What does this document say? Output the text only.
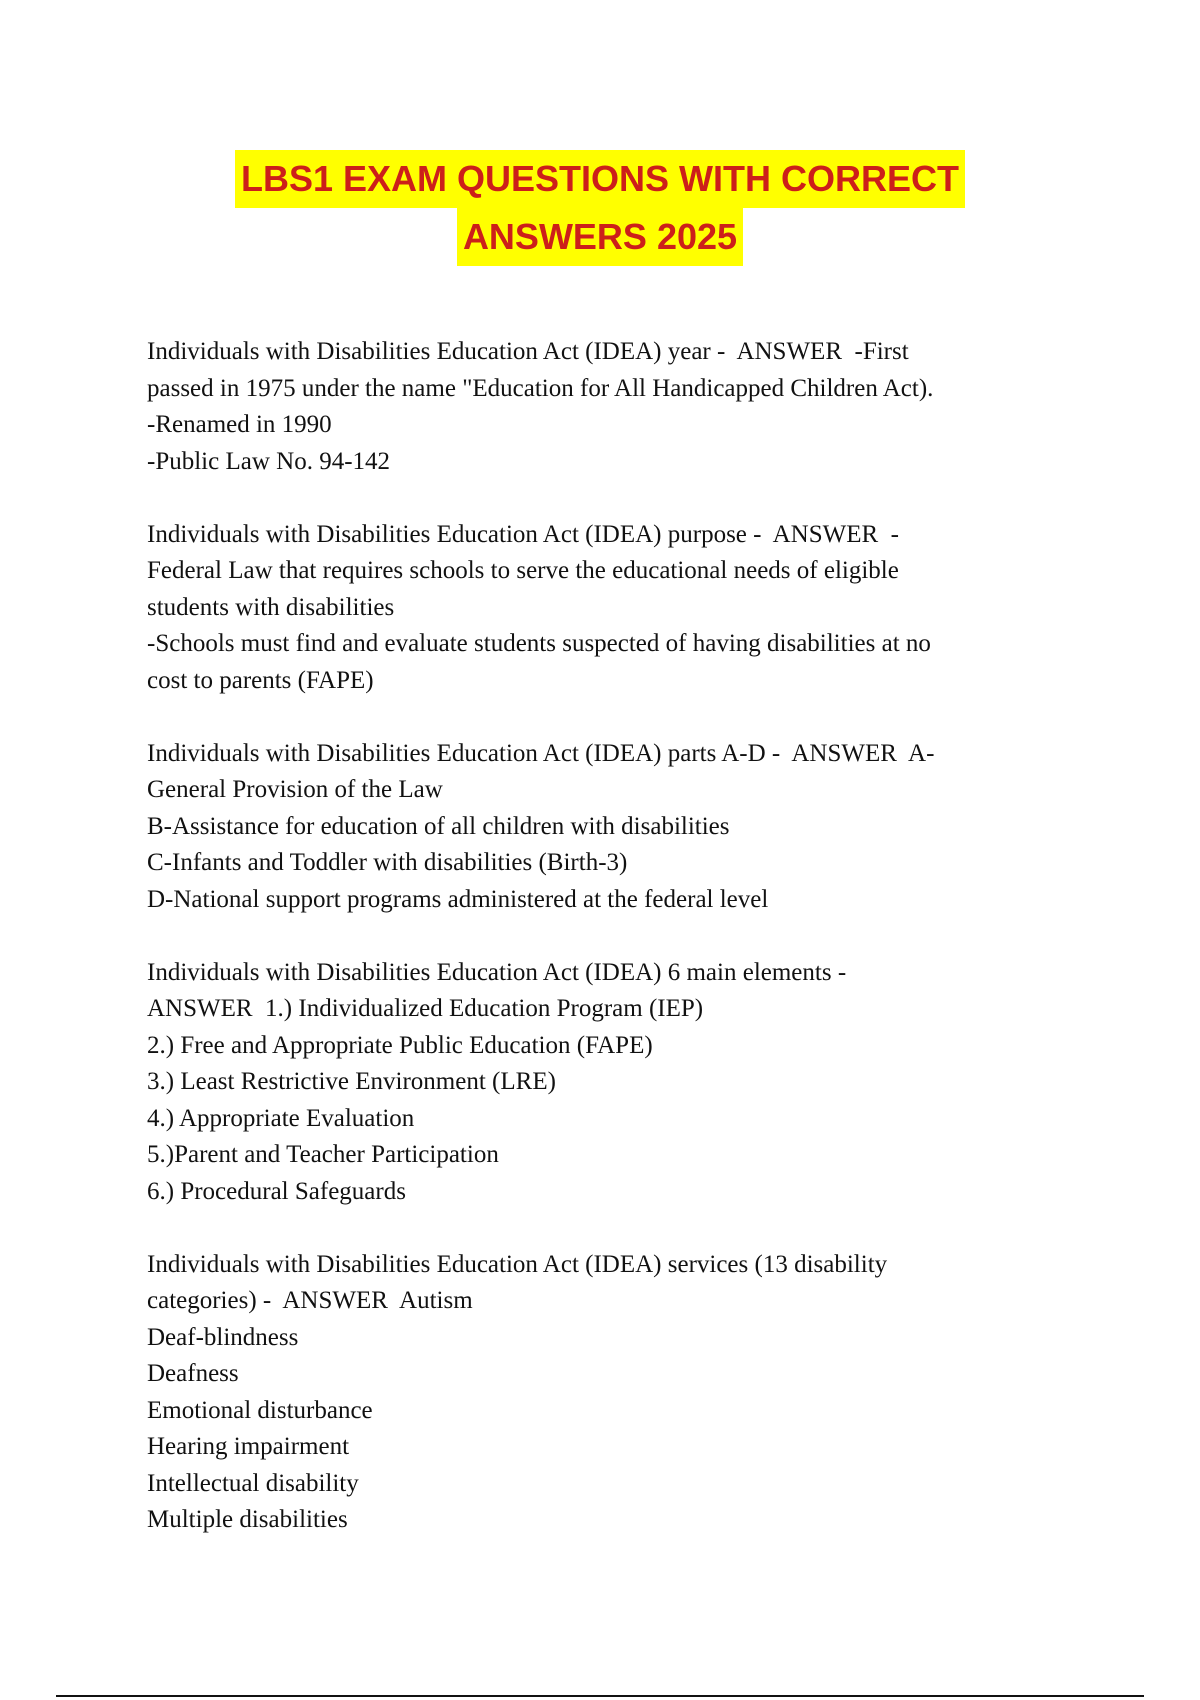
LBS1 EXAM QUESTIONS WITH CORRECT
ANSWERS 2025
Individuals with Disabilities Education Act (IDEA) year -  ANSWER  -First
passed in 1975 under the name "Education for All Handicapped Children Act).
-Renamed in 1990
-Public Law No. 94-142
Individuals with Disabilities Education Act (IDEA) purpose -  ANSWER  -
Federal Law that requires schools to serve the educational needs of eligible
students with disabilities
-Schools must find and evaluate students suspected of having disabilities at no
cost to parents (FAPE)
Individuals with Disabilities Education Act (IDEA) parts A-D -  ANSWER  A-
General Provision of the Law
B-Assistance for education of all children with disabilities
C-Infants and Toddler with disabilities (Birth-3)
D-National support programs administered at the federal level
Individuals with Disabilities Education Act (IDEA) 6 main elements -
ANSWER  1.) Individualized Education Program (IEP)
2.) Free and Appropriate Public Education (FAPE)
3.) Least Restrictive Environment (LRE)
4.) Appropriate Evaluation
5.)Parent and Teacher Participation
6.) Procedural Safeguards
Individuals with Disabilities Education Act (IDEA) services (13 disability
categories) -  ANSWER  Autism
Deaf-blindness
Deafness
Emotional disturbance
Hearing impairment
Intellectual disability
Multiple disabilities
